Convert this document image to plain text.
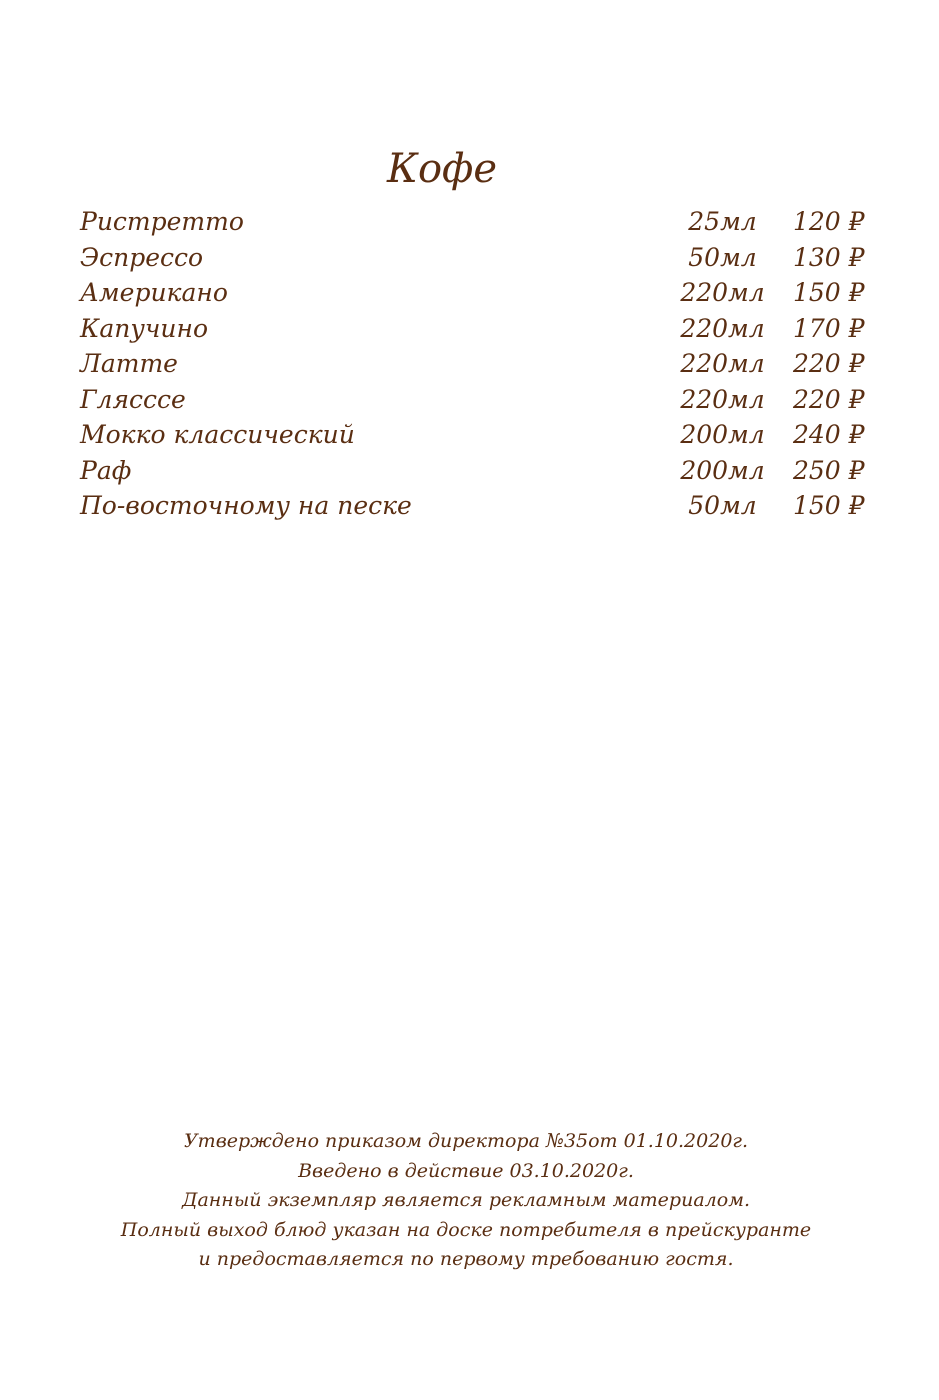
Кофе
Ристретто	25мл	120 ₽
Эспрессо	50мл	130 ₽
Американо	220мл	150 ₽
Капучино	220мл	170 ₽
Латте	220мл	220 ₽
Глясссе	220мл	220 ₽
Мокко классический	200мл	240 ₽
Раф	200мл	250 ₽
По-восточному на песке	50мл	150 ₽
Утверждено приказом директора №35от 01.10.2020г.
Введено в действие 03.10.2020г.
Данный экземпляр является рекламным материалом.
Полный выход блюд указан на доске потребителя в прейскуранте
и предоставляется по первому требованию гостя.
